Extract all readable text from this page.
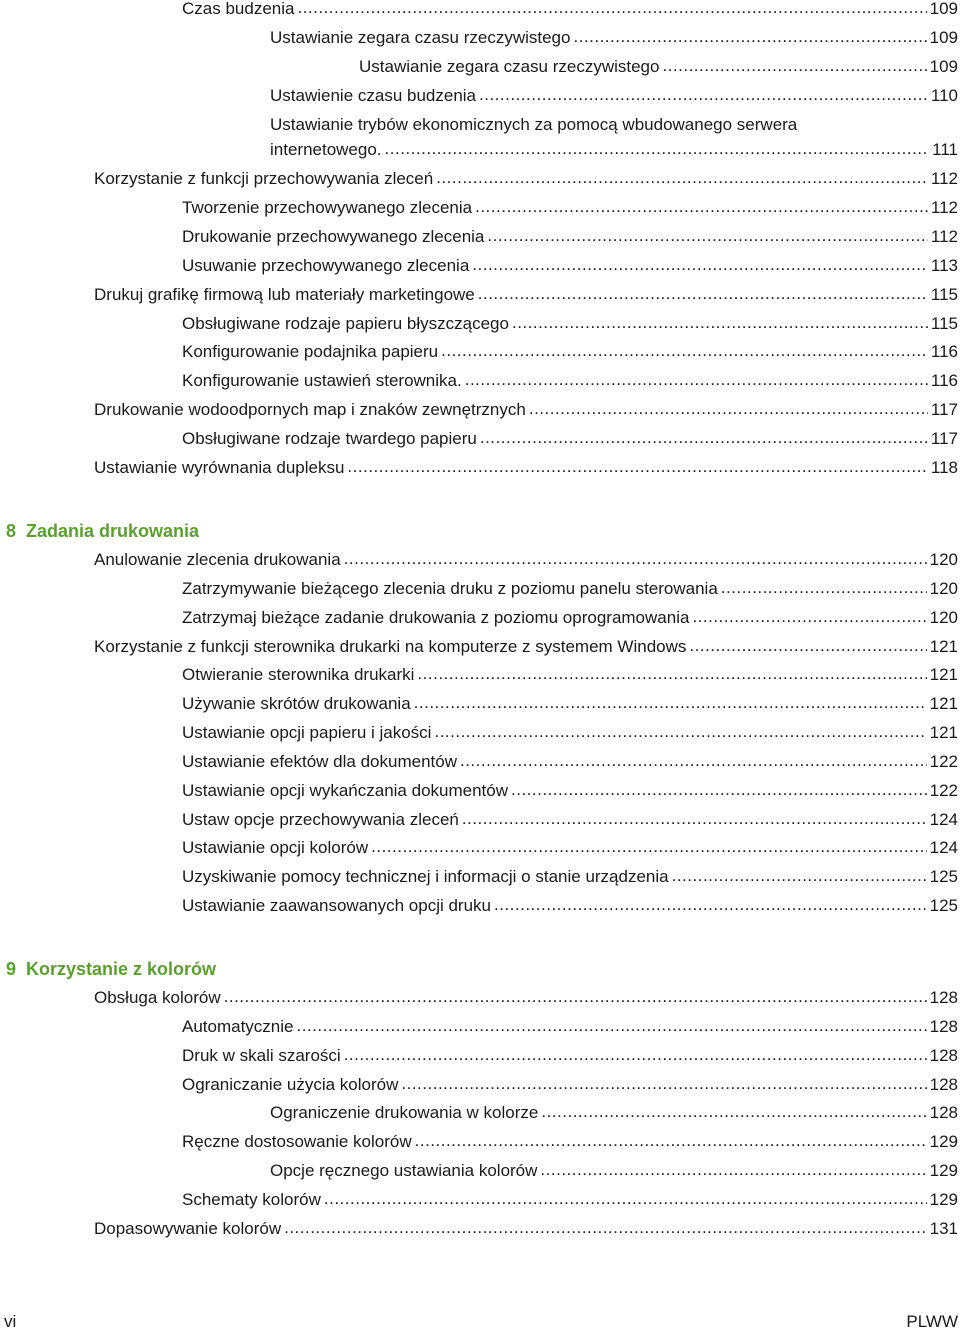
Czas budzenia .....	109
Ustawianie zegara czasu rzeczywistego .....	109
Ustawianie zegara czasu rzeczywistego .....	109
Ustawienie czasu budzenia .....	110
Ustawianie trybów ekonomicznych za pomocą wbudowanego serwera
internetowego. .....	111
Korzystanie z funkcji przechowywania zleceń .....	112
Tworzenie przechowywanego zlecenia .....	112
Drukowanie przechowywanego zlecenia .....	112
Usuwanie przechowywanego zlecenia .....	113
Drukuj grafikę firmową lub materiały marketingowe .....	115
Obsługiwane rodzaje papieru błyszczącego .....	115
Konfigurowanie podajnika papieru .....	116
Konfigurowanie ustawień sterownika. .....	116
Drukowanie wodoodpornych map i znaków zewnętrznych .....	117
Obsługiwane rodzaje twardego papieru .....	117
Ustawianie wyrównania dupleksu .....	118
8 Zadania drukowania
Anulowanie zlecenia drukowania .....	120
Zatrzymywanie bieżącego zlecenia druku z poziomu panelu sterowania .....	120
Zatrzymaj bieżące zadanie drukowania z poziomu oprogramowania .....	120
Korzystanie z funkcji sterownika drukarki na komputerze z systemem Windows .....	121
Otwieranie sterownika drukarki .....	121
Używanie skrótów drukowania .....	121
Ustawianie opcji papieru i jakości .....	121
Ustawianie efektów dla dokumentów .....	122
Ustawianie opcji wykańczania dokumentów .....	122
Ustaw opcje przechowywania zleceń .....	124
Ustawianie opcji kolorów .....	124
Uzyskiwanie pomocy technicznej i informacji o stanie urządzenia .....	125
Ustawianie zaawansowanych opcji druku .....	125
9 Korzystanie z kolorów
Obsługa kolorów .....	128
Automatycznie .....	128
Druk w skali szarości .....	128
Ograniczanie użycia kolorów .....	128
Ograniczenie drukowania w kolorze .....	128
Ręczne dostosowanie kolorów .....	129
Opcje ręcznego ustawiania kolorów .....	129
Schematy kolorów .....	129
Dopasowywanie kolorów .....	131
vi	PLWW
